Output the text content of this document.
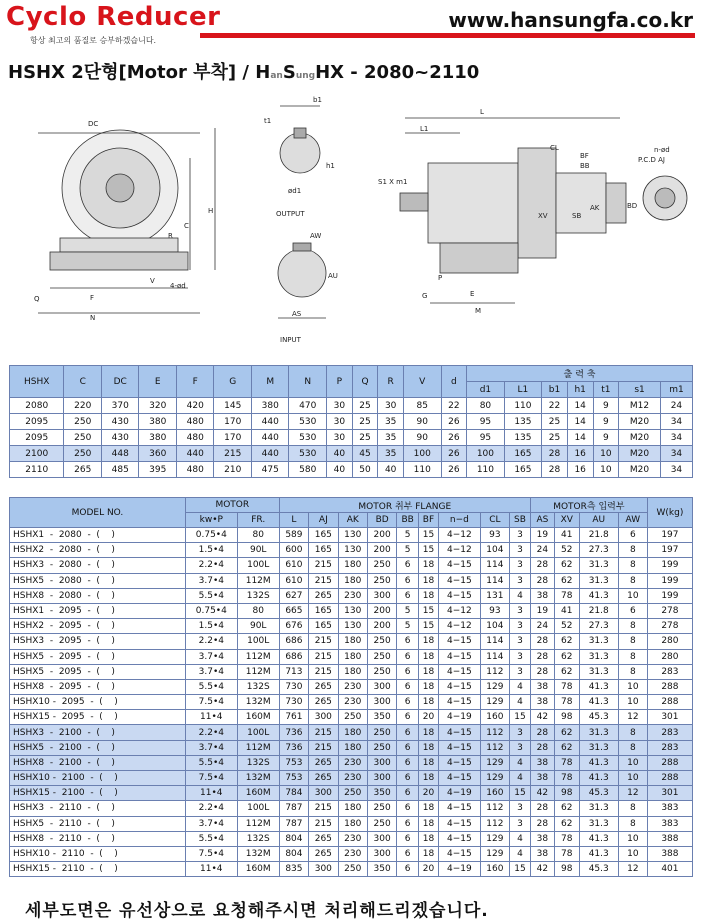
Cyclo Reducer
항상 최고의 품질로 승부하겠습니다.
www.hansungfa.co.kr
HSHX 2단형[Motor 부착] / HanSungHX - 2080~2110
DC
H
C
R
V
4-ød
Q	F
N
b1
t1
h1
ød1
OUTPUT
AW
AU
AS
INPUT
L
L1
S1 X m1
CL
BF
BB
XV	SB
AK	BD
G
P
E
M
n-ød
P.C.D AJ
HSHX	C	DC	E	F	G	M	N	P	Q	R	V	d	출 력 축						
													d1	L1	b1	h1	t1	s1	m1
2080	220	370	320	420	145	380	470	30	25	30	85	22	80	110	22	14	9	M12	24
2095	250	430	380	480	170	440	530	30	25	35	90	26	95	135	25	14	9	M20	34
2095	250	430	380	480	170	440	530	30	25	35	90	26	95	135	25	14	9	M20	34
2100	250	448	360	440	215	440	530	40	45	35	100	26	100	165	28	16	10	M20	34
2110	265	485	395	480	210	475	580	40	50	40	110	26	110	165	28	16	10	M20	34
MODEL NO.	MOTOR		MOTOR 취부 FLANGE									MOTOR측 입력부				W(kg)
	kw•P	FR.	L	AJ	AK	BD	BB	BF	n−d	CL	SB	AS	XV	AU	AW	
HSHX1  -  2080  -  (    )	0.75•4	80	589	165	130	200	5	15	4−12	93	3	19	41	21.8	6	197
HSHX2  -  2080  -  (    )	1.5•4	90L	600	165	130	200	5	15	4−12	104	3	24	52	27.3	8	197
HSHX3  -  2080  -  (    )	2.2•4	100L	610	215	180	250	6	18	4−15	114	3	28	62	31.3	8	199
HSHX5  -  2080  -  (    )	3.7•4	112M	610	215	180	250	6	18	4−15	114	3	28	62	31.3	8	199
HSHX8  -  2080  -  (    )	5.5•4	132S	627	265	230	300	6	18	4−15	131	4	38	78	41.3	10	199
HSHX1  -  2095  -  (    )	0.75•4	80	665	165	130	200	5	15	4−12	93	3	19	41	21.8	6	278
HSHX2  -  2095  -  (    )	1.5•4	90L	676	165	130	200	5	15	4−12	104	3	24	52	27.3	8	278
HSHX3  -  2095  -  (    )	2.2•4	100L	686	215	180	250	6	18	4−15	114	3	28	62	31.3	8	280
HSHX5  -  2095  -  (    )	3.7•4	112M	686	215	180	250	6	18	4−15	114	3	28	62	31.3	8	280
HSHX5  -  2095  -  (    )	3.7•4	112M	713	215	180	250	6	18	4−15	112	3	28	62	31.3	8	283
HSHX8  -  2095  -  (    )	5.5•4	132S	730	265	230	300	6	18	4−15	129	4	38	78	41.3	10	288
HSHX10 -  2095  -  (    )	7.5•4	132M	730	265	230	300	6	18	4−15	129	4	38	78	41.3	10	288
HSHX15 -  2095  -  (    )	11•4	160M	761	300	250	350	6	20	4−19	160	15	42	98	45.3	12	301
HSHX3  -  2100  -  (    )	2.2•4	100L	736	215	180	250	6	18	4−15	112	3	28	62	31.3	8	283
HSHX5  -  2100  -  (    )	3.7•4	112M	736	215	180	250	6	18	4−15	112	3	28	62	31.3	8	283
HSHX8  -  2100  -  (    )	5.5•4	132S	753	265	230	300	6	18	4−15	129	4	38	78	41.3	10	288
HSHX10 -  2100  -  (    )	7.5•4	132M	753	265	230	300	6	18	4−15	129	4	38	78	41.3	10	288
HSHX15 -  2100  -  (    )	11•4	160M	784	300	250	350	6	20	4−19	160	15	42	98	45.3	12	301
HSHX3  -  2110  -  (    )	2.2•4	100L	787	215	180	250	6	18	4−15	112	3	28	62	31.3	8	383
HSHX5  -  2110  -  (    )	3.7•4	112M	787	215	180	250	6	18	4−15	112	3	28	62	31.3	8	383
HSHX8  -  2110  -  (    )	5.5•4	132S	804	265	230	300	6	18	4−15	129	4	38	78	41.3	10	388
HSHX10 -  2110  -  (    )	7.5•4	132M	804	265	230	300	6	18	4−15	129	4	38	78	41.3	10	388
HSHX15 -  2110  -  (    )	11•4	160M	835	300	250	350	6	20	4−19	160	15	42	98	45.3	12	401
세부도면은 유선상으로 요청해주시면 처리해드리겠습니다.
